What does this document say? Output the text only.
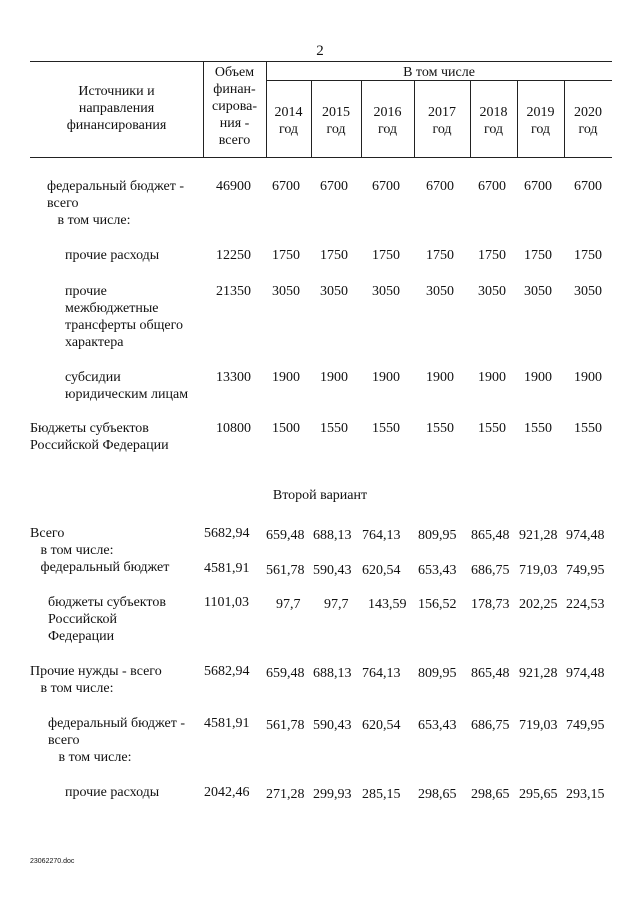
2
Источники и
направления
финансирования
Объем
финан-
сирова-
ния -
всего
В том числе
2014
год
2015
год
2016
год
2017
год
2018
год
2019
год
2020
год
федеральный бюджет -
всего
в том числе:
46900 6700 6700 6700 6700 6700 6700 6700
прочие расходы	12250 1750 1750 1750 1750 1750 1750 1750
прочие
межбюджетные
трансферты общего
характера
21350 3050 3050 3050 3050 3050 3050 3050
субсидии
юридическим лицам
13300 1900 1900 1900 1900 1900 1900 1900
Бюджеты субъектов
Российской Федерации
10800 1500 1550 1550 1550 1550 1550 1550
Второй вариант
Всего
в том числе:
федеральный бюджет
5682,94 659,48 688,13 764,13 809,95 865,48 921,28 974,48
4581,91 561,78 590,43 620,54 653,43 686,75 719,03 749,95
бюджеты субъектов
Российской
Федерации
1101,03 97,7 97,7 143,59 156,52 178,73 202,25 224,53
Прочие нужды - всего
в том числе:
5682,94 659,48 688,13 764,13 809,95 865,48 921,28 974,48
федеральный бюджет -
всего
в том числе:
4581,91 561,78 590,43 620,54 653,43 686,75 719,03 749,95
прочие расходы	2042,46 271,28 299,93 285,15 298,65 298,65 295,65 293,15
23062270.doc
